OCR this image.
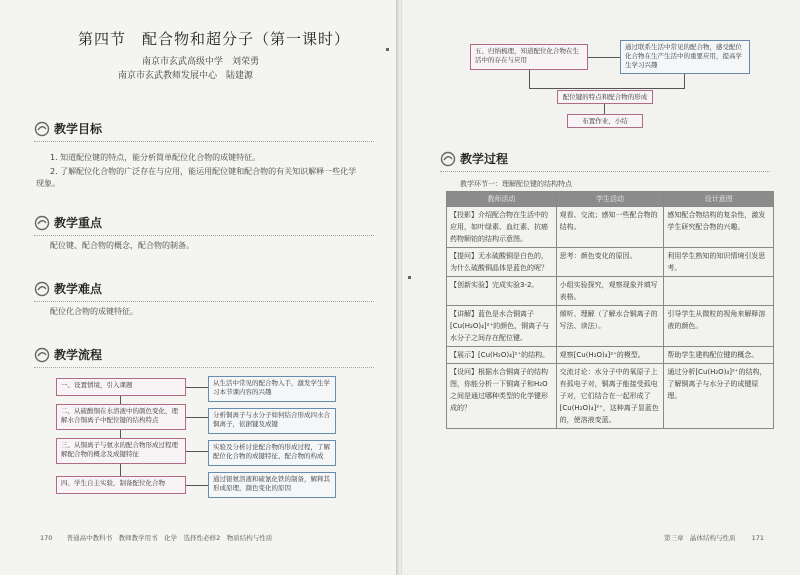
第四节　配合物和超分子（第一课时）
南京市玄武高级中学　刘荣勇
南京市玄武教师发展中心　陆建源
教学目标
1. 知道配位键的特点，能分析简单配位化合物的成键特征。
2. 了解配位化合物的广泛存在与应用，能运用配位键和配合物的有关知识解释一些化学
现象。
教学重点
配位键、配合物的概念，配合物的制备。
教学难点
配位化合物的成键特征。
教学流程
一、设置情境，引入课题
二、从硫酸铜在水溶液中的颜色变化，理解水合铜离子中配位键的结构特点
三、从铜离子与氨水的配合物形成过程理解配合物的概念及成键特征
四、学生自主实验，制备配位化合物
从生活中常见的配合物入手，激发学生学习本节课内容的兴趣
分析铜离子与水分子如何结合形成四水合铜离子，依据键及成键
实验及分析讨论配合物的形成过程，了解配位化合物的成键特征、配合物的构成
通过银氨溶液和硫氰化铁的制备，解释其形成原理，颜色变化的原因
170 普通高中教科书　教师教学用书　化学　选择性必修2　物质结构与性质
五、归纳梳理，知道配位化合物在生活中的存在与应用
通过联系生活中常见的配合物，感受配位化合物在生产生活中的重要应用，提高学生学习兴趣
配位键的特点和配合物的形成
布置作业，小结
教学过程
教学环节一：理解配位键的结构特点
教师活动	学生活动	设计意图
【投影】介绍配合物在生活中的应用，如叶绿素、血红素、抗癌药物顺铂的结构示意图。	观看、交流；感知一些配合物的结构。	感知配合物结构的复杂性，激发学生研究配合物的兴趣。
【提问】无水硫酸铜是白色的，为什么硫酸铜晶体是蓝色的呢？	思考：颜色变化的原因。	利用学生熟知的知识情境引发思考。
【创新实验】完成实验3-2。	小组实验探究，观察现象并填写表格。	
【讲解】蓝色是水合铜离子[Cu(H₂O)₄]²⁺的颜色，铜离子与水分子之间存在配位键。	倾听、理解（了解水合铜离子的写法、读法）。	引导学生从微粒的视角来解释溶液的颜色。
【展示】[Cu(H₂O)₄]²⁺的结构。	观察[Cu(H₂O)₄]²⁺的模型。	帮助学生建构配位键的概念。
【设问】根据水合铜离子的结构图，你能分析一下铜离子和H₂O之间是通过哪种类型的化学键形成的？	交流讨论：水分子中的氧原子上有孤电子对，铜离子能接受孤电子对，它们结合在一起形成了[Cu(H₂O)₄]²⁺，这种离子显蓝色的，使溶液变蓝。	通过分析[Cu(H₂O)₄]²⁺的结构，了解铜离子与水分子的成键原理。
第三章　晶体结构与性质 171
